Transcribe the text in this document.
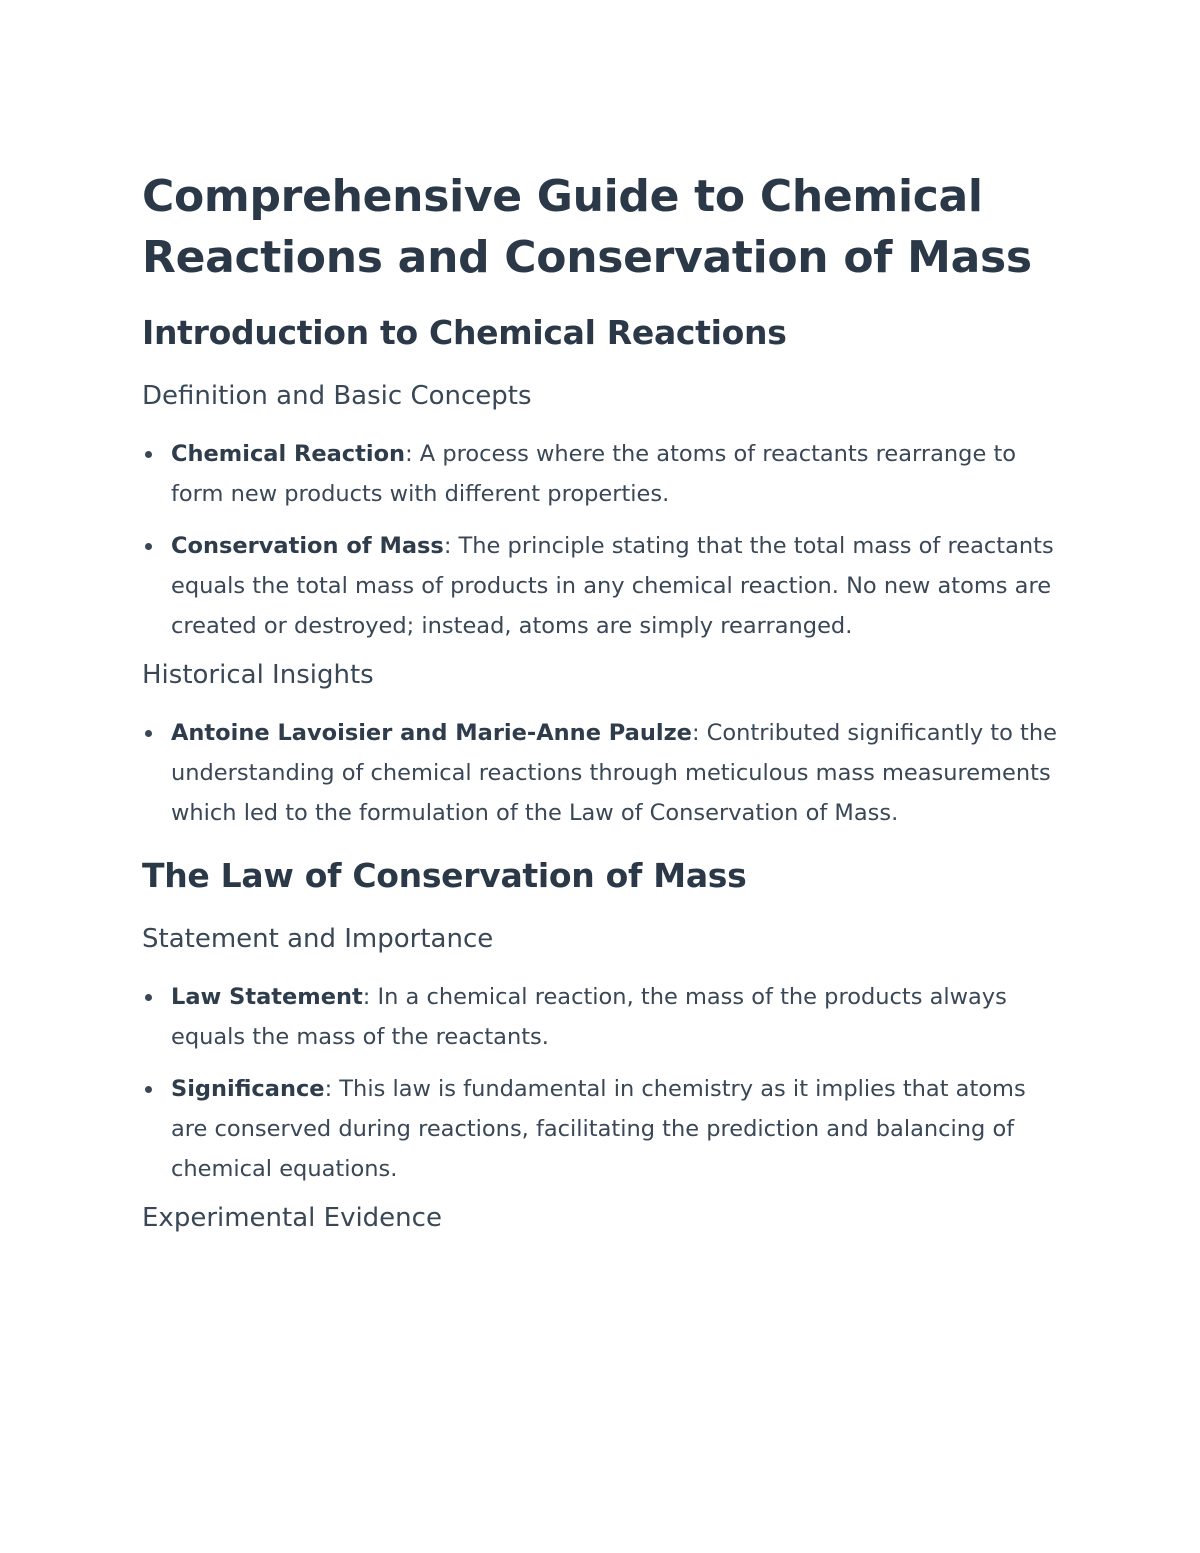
Comprehensive Guide to Chemical Reactions and Conservation of Mass
Introduction to Chemical Reactions
Definition and Basic Concepts
Chemical Reaction: A process where the atoms of reactants rearrange to form new products with different properties.
Conservation of Mass: The principle stating that the total mass of reactants equals the total mass of products in any chemical reaction. No new atoms are created or destroyed; instead, atoms are simply rearranged.
Historical Insights
Antoine Lavoisier and Marie-Anne Paulze: Contributed significantly to the understanding of chemical reactions through meticulous mass measurements which led to the formulation of the Law of Conservation of Mass.
The Law of Conservation of Mass
Statement and Importance
Law Statement: In a chemical reaction, the mass of the products always equals the mass of the reactants.
Significance: This law is fundamental in chemistry as it implies that atoms are conserved during reactions, facilitating the prediction and balancing of chemical equations.
Experimental Evidence
